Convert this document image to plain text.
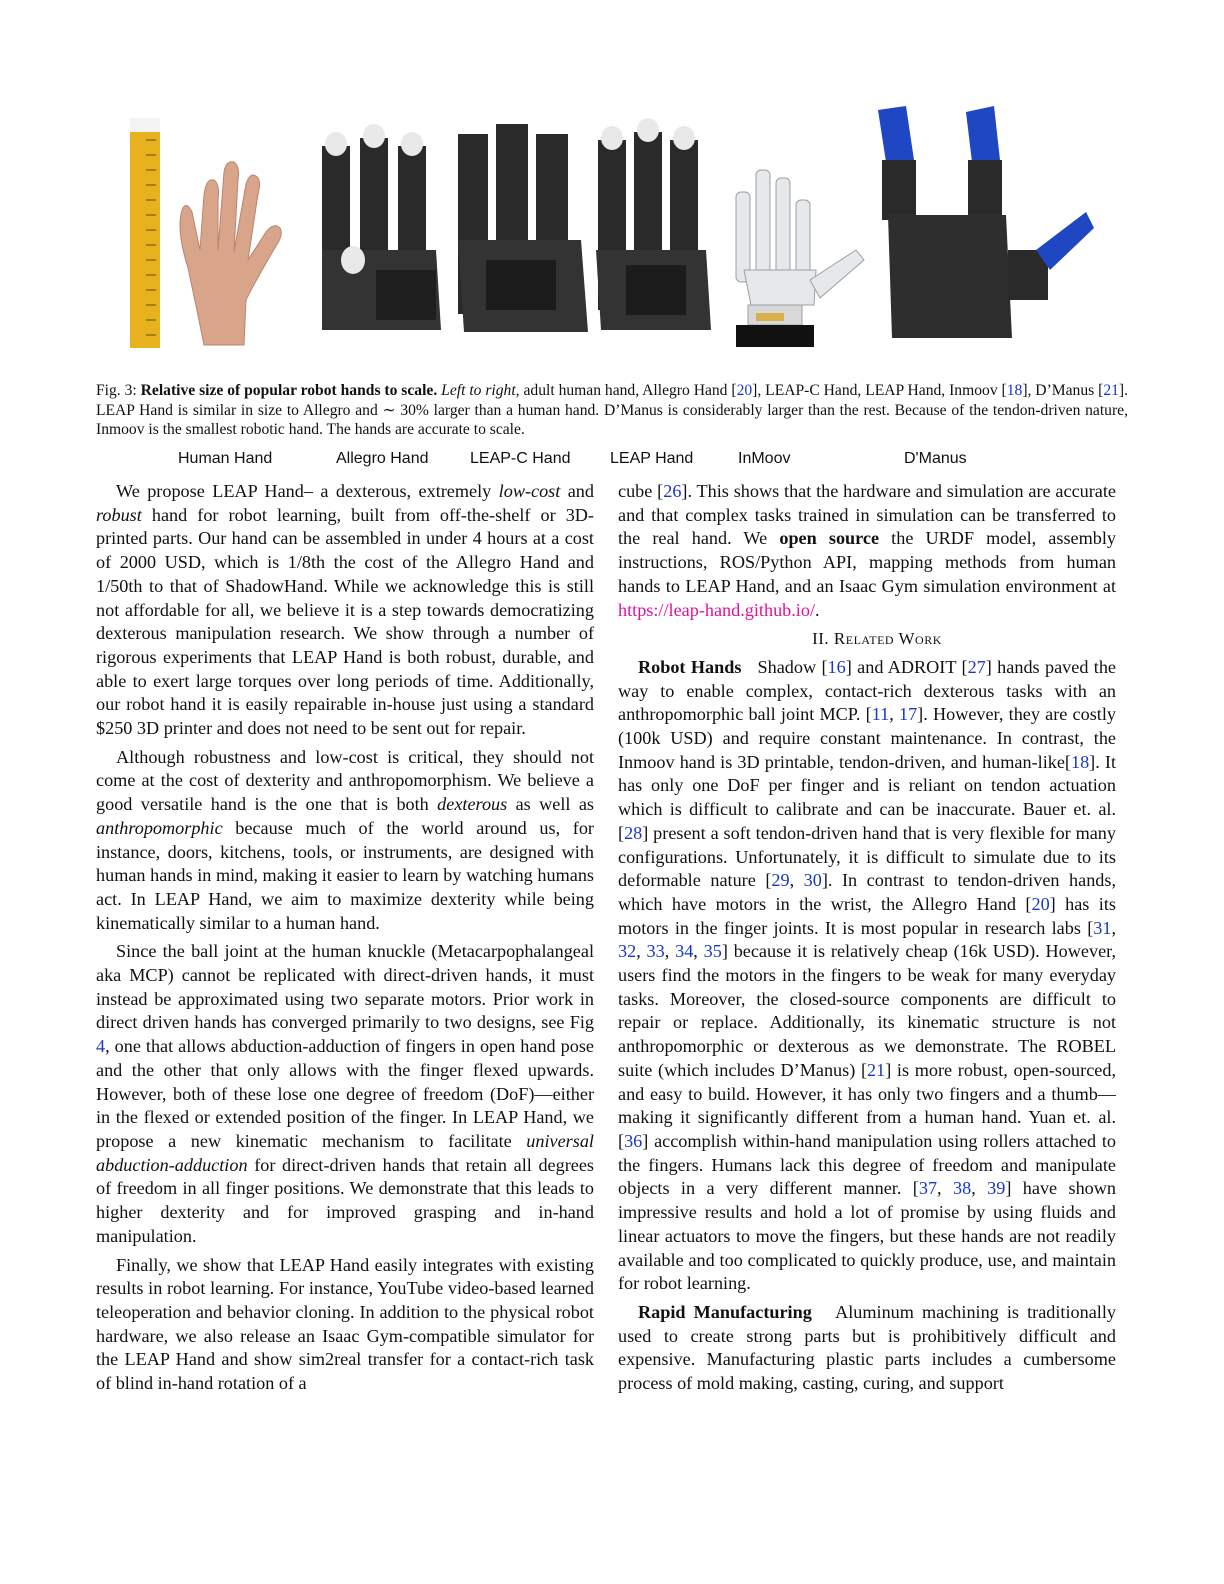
Human Hand	Allegro Hand	LEAP-C Hand LEAP Hand	InMoov	D'Manus
Fig. 3: Relative size of popular robot hands to scale. Left to right, adult human hand, Allegro Hand [20], LEAP-C Hand, LEAP Hand, Inmoov [18], D’Manus [21]. LEAP Hand is similar in size to Allegro and ∼ 30% larger than a human hand. D’Manus is considerably larger than the rest. Because of the tendon-driven nature, Inmoov is the smallest robotic hand. The hands are accurate to scale.

We propose LEAP Hand– a dexterous, extremely low-cost and robust hand for robot learning, built from off-the-shelf or 3D-printed parts. Our hand can be assembled in under 4 hours at a cost of 2000 USD, which is 1/8th the cost of the Allegro Hand and 1/50th to that of ShadowHand. While we acknowledge this is still not affordable for all, we believe it is a step towards democratizing dexterous manipulation research. We show through a number of rigorous experiments that LEAP Hand is both robust, durable, and able to exert large torques over long periods of time. Additionally, our robot hand it is easily repairable in-house just using a standard $250 3D printer and does not need to be sent out for repair.

Although robustness and low-cost is critical, they should not come at the cost of dexterity and anthropomorphism. We believe a good versatile hand is the one that is both dexterous as well as anthropomorphic because much of the world around us, for instance, doors, kitchens, tools, or instruments, are designed with human hands in mind, making it easier to learn by watching humans act. In LEAP Hand, we aim to maximize dexterity while being kinematically similar to a human hand.

Since the ball joint at the human knuckle (Metacarpophalangeal aka MCP) cannot be replicated with direct-driven hands, it must instead be approximated using two separate motors. Prior work in direct driven hands has converged primarily to two designs, see Fig 4, one that allows abduction-adduction of fingers in open hand pose and the other that only allows with the finger flexed upwards. However, both of these lose one degree of freedom (DoF)—either in the flexed or extended position of the finger. In LEAP Hand, we propose a new kinematic mechanism to facilitate universal abduction-adduction for direct-driven hands that retain all degrees of freedom in all finger positions. We demonstrate that this leads to higher dexterity and for improved grasping and in-hand manipulation.

Finally, we show that LEAP Hand easily integrates with existing results in robot learning. For instance, YouTube video-based learned teleoperation and behavior cloning. In addition to the physical robot hardware, we also release an Isaac Gym-compatible simulator for the LEAP Hand and show sim2real transfer for a contact-rich task of blind in-hand rotation of a

cube [26]. This shows that the hardware and simulation are accurate and that complex tasks trained in simulation can be transferred to the real hand. We open source the URDF model, assembly instructions, ROS/Python API, mapping methods from human hands to LEAP Hand, and an Isaac Gym simulation environment at https://leap-hand.github.io/.

II. Related Work

Robot Hands   Shadow [16] and ADROIT [27] hands paved the way to enable complex, contact-rich dexterous tasks with an anthropomorphic ball joint MCP. [11, 17]. However, they are costly (100k USD) and require constant maintenance. In contrast, the Inmoov hand is 3D printable, tendon-driven, and human-like[18]. It has only one DoF per finger and is reliant on tendon actuation which is difficult to calibrate and can be inaccurate. Bauer et. al. [28] present a soft tendon-driven hand that is very flexible for many configurations. Unfortunately, it is difficult to simulate due to its deformable nature [29, 30]. In contrast to tendon-driven hands, which have motors in the wrist, the Allegro Hand [20] has its motors in the finger joints. It is most popular in research labs [31, 32, 33, 34, 35] because it is relatively cheap (16k USD). However, users find the motors in the fingers to be weak for many everyday tasks. Moreover, the closed-source components are difficult to repair or replace. Additionally, its kinematic structure is not anthropomorphic or dexterous as we demonstrate. The ROBEL suite (which includes D’Manus) [21] is more robust, open-sourced, and easy to build. However, it has only two fingers and a thumb—making it significantly different from a human hand. Yuan et. al. [36] accomplish within-hand manipulation using rollers attached to the fingers. Humans lack this degree of freedom and manipulate objects in a very different manner. [37, 38, 39] have shown impressive results and hold a lot of promise by using fluids and linear actuators to move the fingers, but these hands are not readily available and too complicated to quickly produce, use, and maintain for robot learning.

Rapid Manufacturing   Aluminum machining is traditionally used to create strong parts but is prohibitively difficult and expensive. Manufacturing plastic parts includes a cumbersome process of mold making, casting, curing, and support
